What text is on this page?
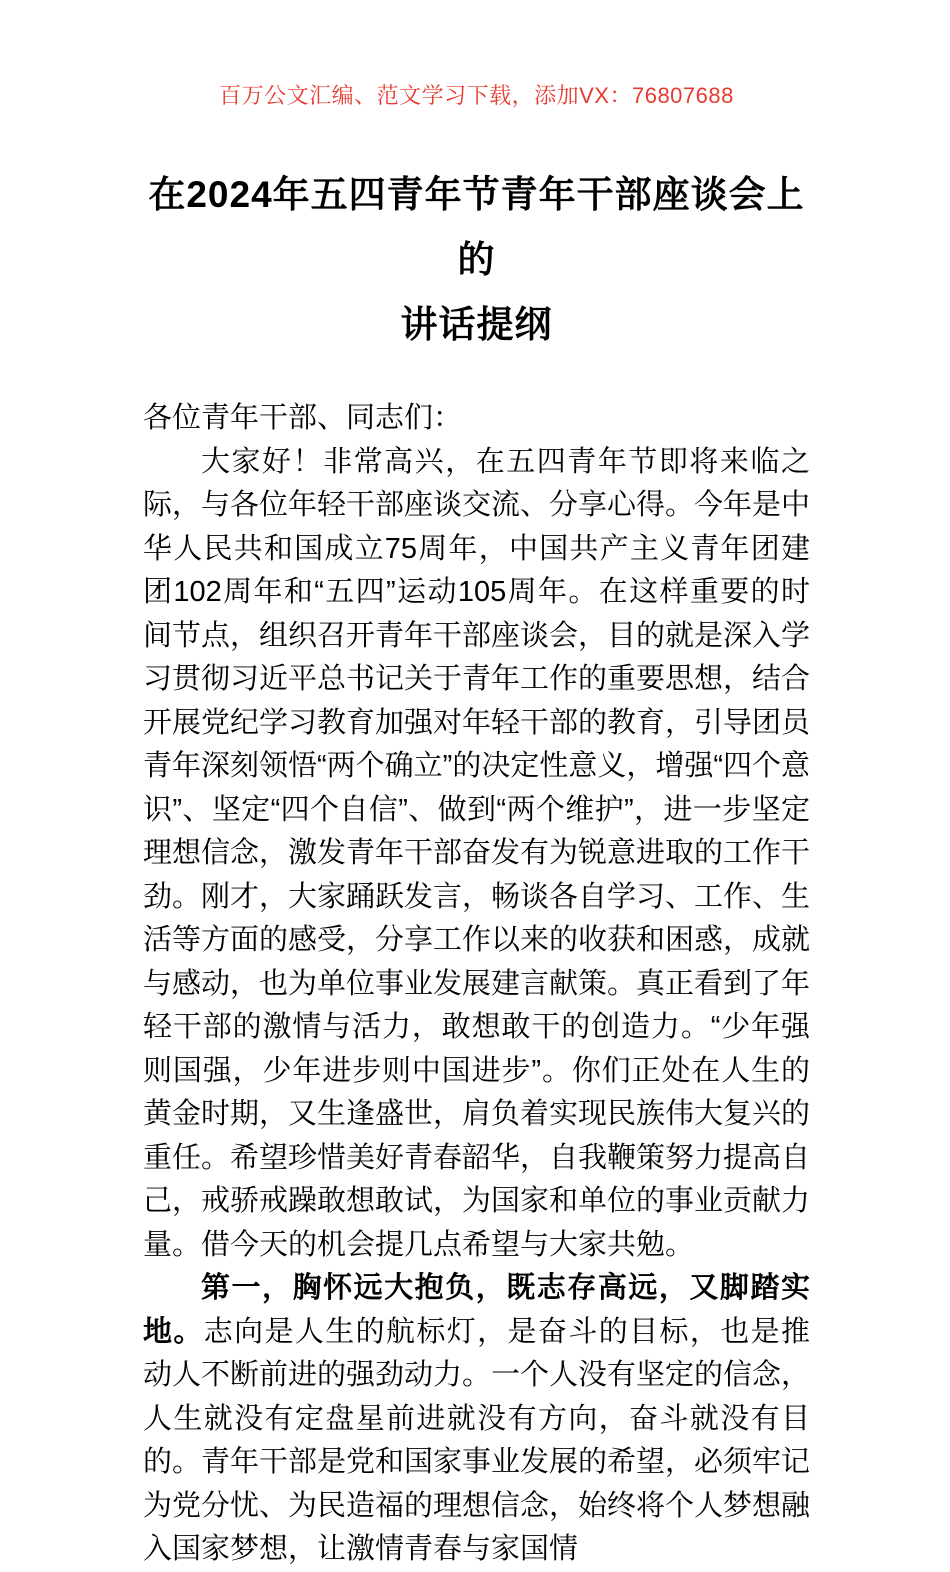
百万公文汇编、范文学习下载，添加VX：76807688
在2024年五四青年节青年干部座谈会上的
讲话提纲

各位青年干部、同志们：

大家好！非常高兴，在五四青年节即将来临之际，与各位年轻干部座谈交流、分享心得。今年是中华人民共和国成立75周年，中国共产主义青年团建团102周年和“五四”运动105周年。在这样重要的时间节点，组织召开青年干部座谈会，目的就是深入学习贯彻习近平总书记关于青年工作的重要思想，结合开展党纪学习教育加强对年轻干部的教育，引导团员青年深刻领悟“两个确立”的决定性意义，增强“四个意识”、坚定“四个自信”、做到“两个维护”，进一步坚定理想信念，激发青年干部奋发有为锐意进取的工作干劲。刚才，大家踊跃发言，畅谈各自学习、工作、生活等方面的感受，分享工作以来的收获和困惑，成就与感动，也为单位事业发展建言献策。真正看到了年轻干部的激情与活力，敢想敢干的创造力。“少年强则国强，少年进步则中国进步”。你们正处在人生的黄金时期，又生逢盛世，肩负着实现民族伟大复兴的重任。希望珍惜美好青春韶华，自我鞭策努力提高自己，戒骄戒躁敢想敢试，为国家和单位的事业贡献力量。借今天的机会提几点希望与大家共勉。

第一，胸怀远大抱负，既志存高远，又脚踏实地。志向是人生的航标灯，是奋斗的目标，也是推动人不断前进的强劲动力。一个人没有坚定的信念，人生就没有定盘星前进就没有方向，奋斗就没有目的。青年干部是党和国家事业发展的希望，必须牢记为党分忧、为民造福的理想信念，始终将个人梦想融入国家梦想，让激情青春与家国情
